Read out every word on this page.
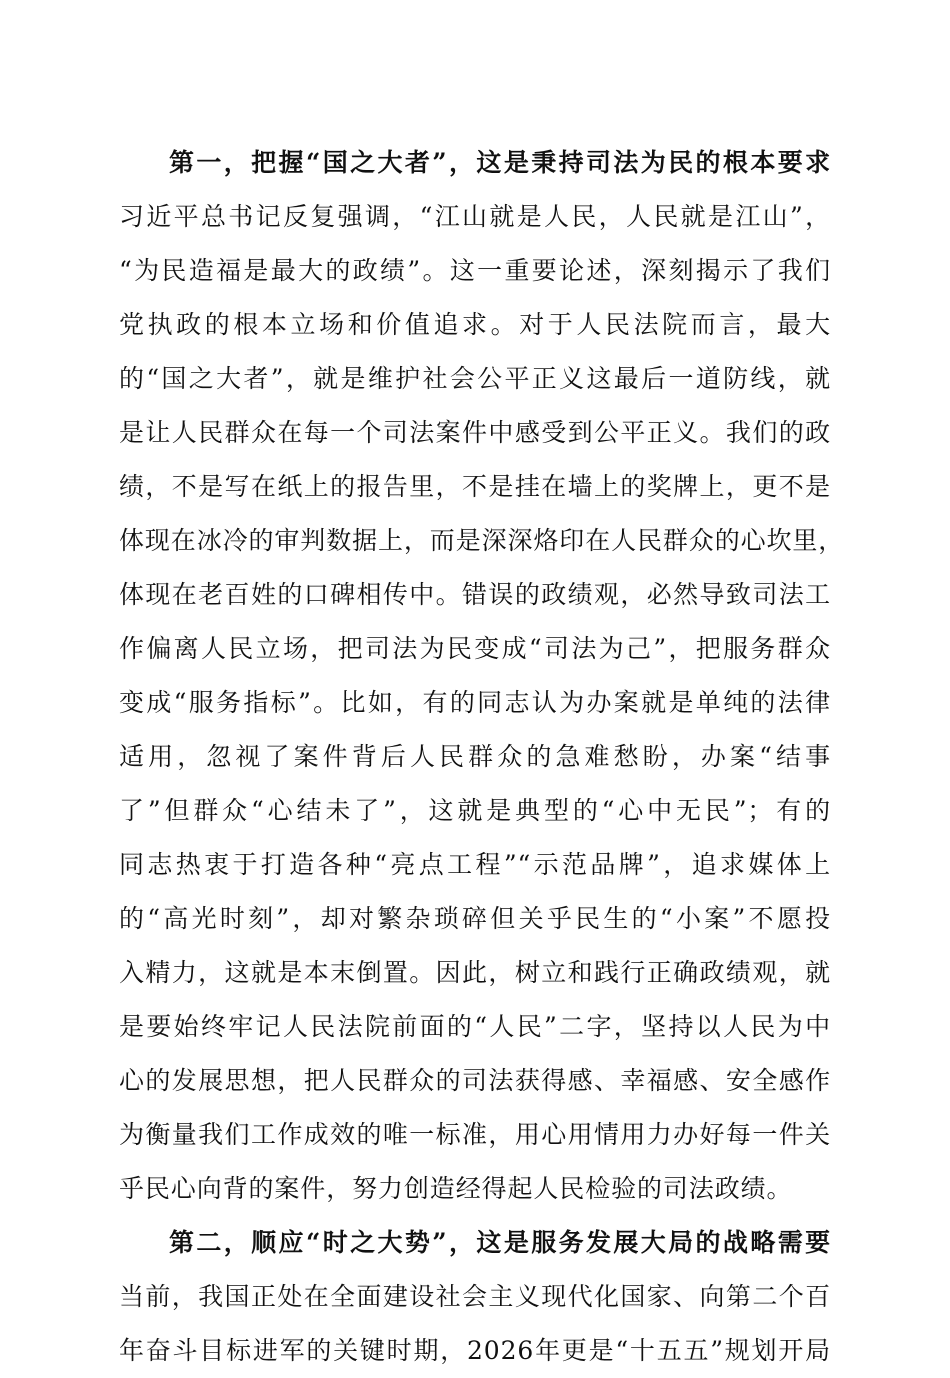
第一，把握“国之大者”，这是秉持司法为民的根本要求
习近平总书记反复强调，“江山就是人民，人民就是江山”，
“为民造福是最大的政绩”。这一重要论述，深刻揭示了我们
党执政的根本立场和价值追求。对于人民法院而言，最大
的“国之大者”，就是维护社会公平正义这最后一道防线，就
是让人民群众在每一个司法案件中感受到公平正义。我们的政
绩，不是写在纸上的报告里，不是挂在墙上的奖牌上，更不是
体现在冰冷的审判数据上，而是深深烙印在人民群众的心坎里，
体现在老百姓的口碑相传中。错误的政绩观，必然导致司法工
作偏离人民立场，把司法为民变成“司法为己”，把服务群众
变成“服务指标”。比如，有的同志认为办案就是单纯的法律
适用，忽视了案件背后人民群众的急难愁盼，办案“结事
了”但群众“心结未了”，这就是典型的“心中无民”；有的
同志热衷于打造各种“亮点工程”“示范品牌”，追求媒体上
的“高光时刻”，却对繁杂琐碎但关乎民生的“小案”不愿投
入精力，这就是本末倒置。因此，树立和践行正确政绩观，就
是要始终牢记人民法院前面的“人民”二字，坚持以人民为中
心的发展思想，把人民群众的司法获得感、幸福感、安全感作
为衡量我们工作成效的唯一标准，用心用情用力办好每一件关
乎民心向背的案件，努力创造经得起人民检验的司法政绩。
第二，顺应“时之大势”，这是服务发展大局的战略需要
当前，我国正处在全面建设社会主义现代化国家、向第二个百
年奋斗目标进军的关键时期，2026年更是“十五五”规划开局
